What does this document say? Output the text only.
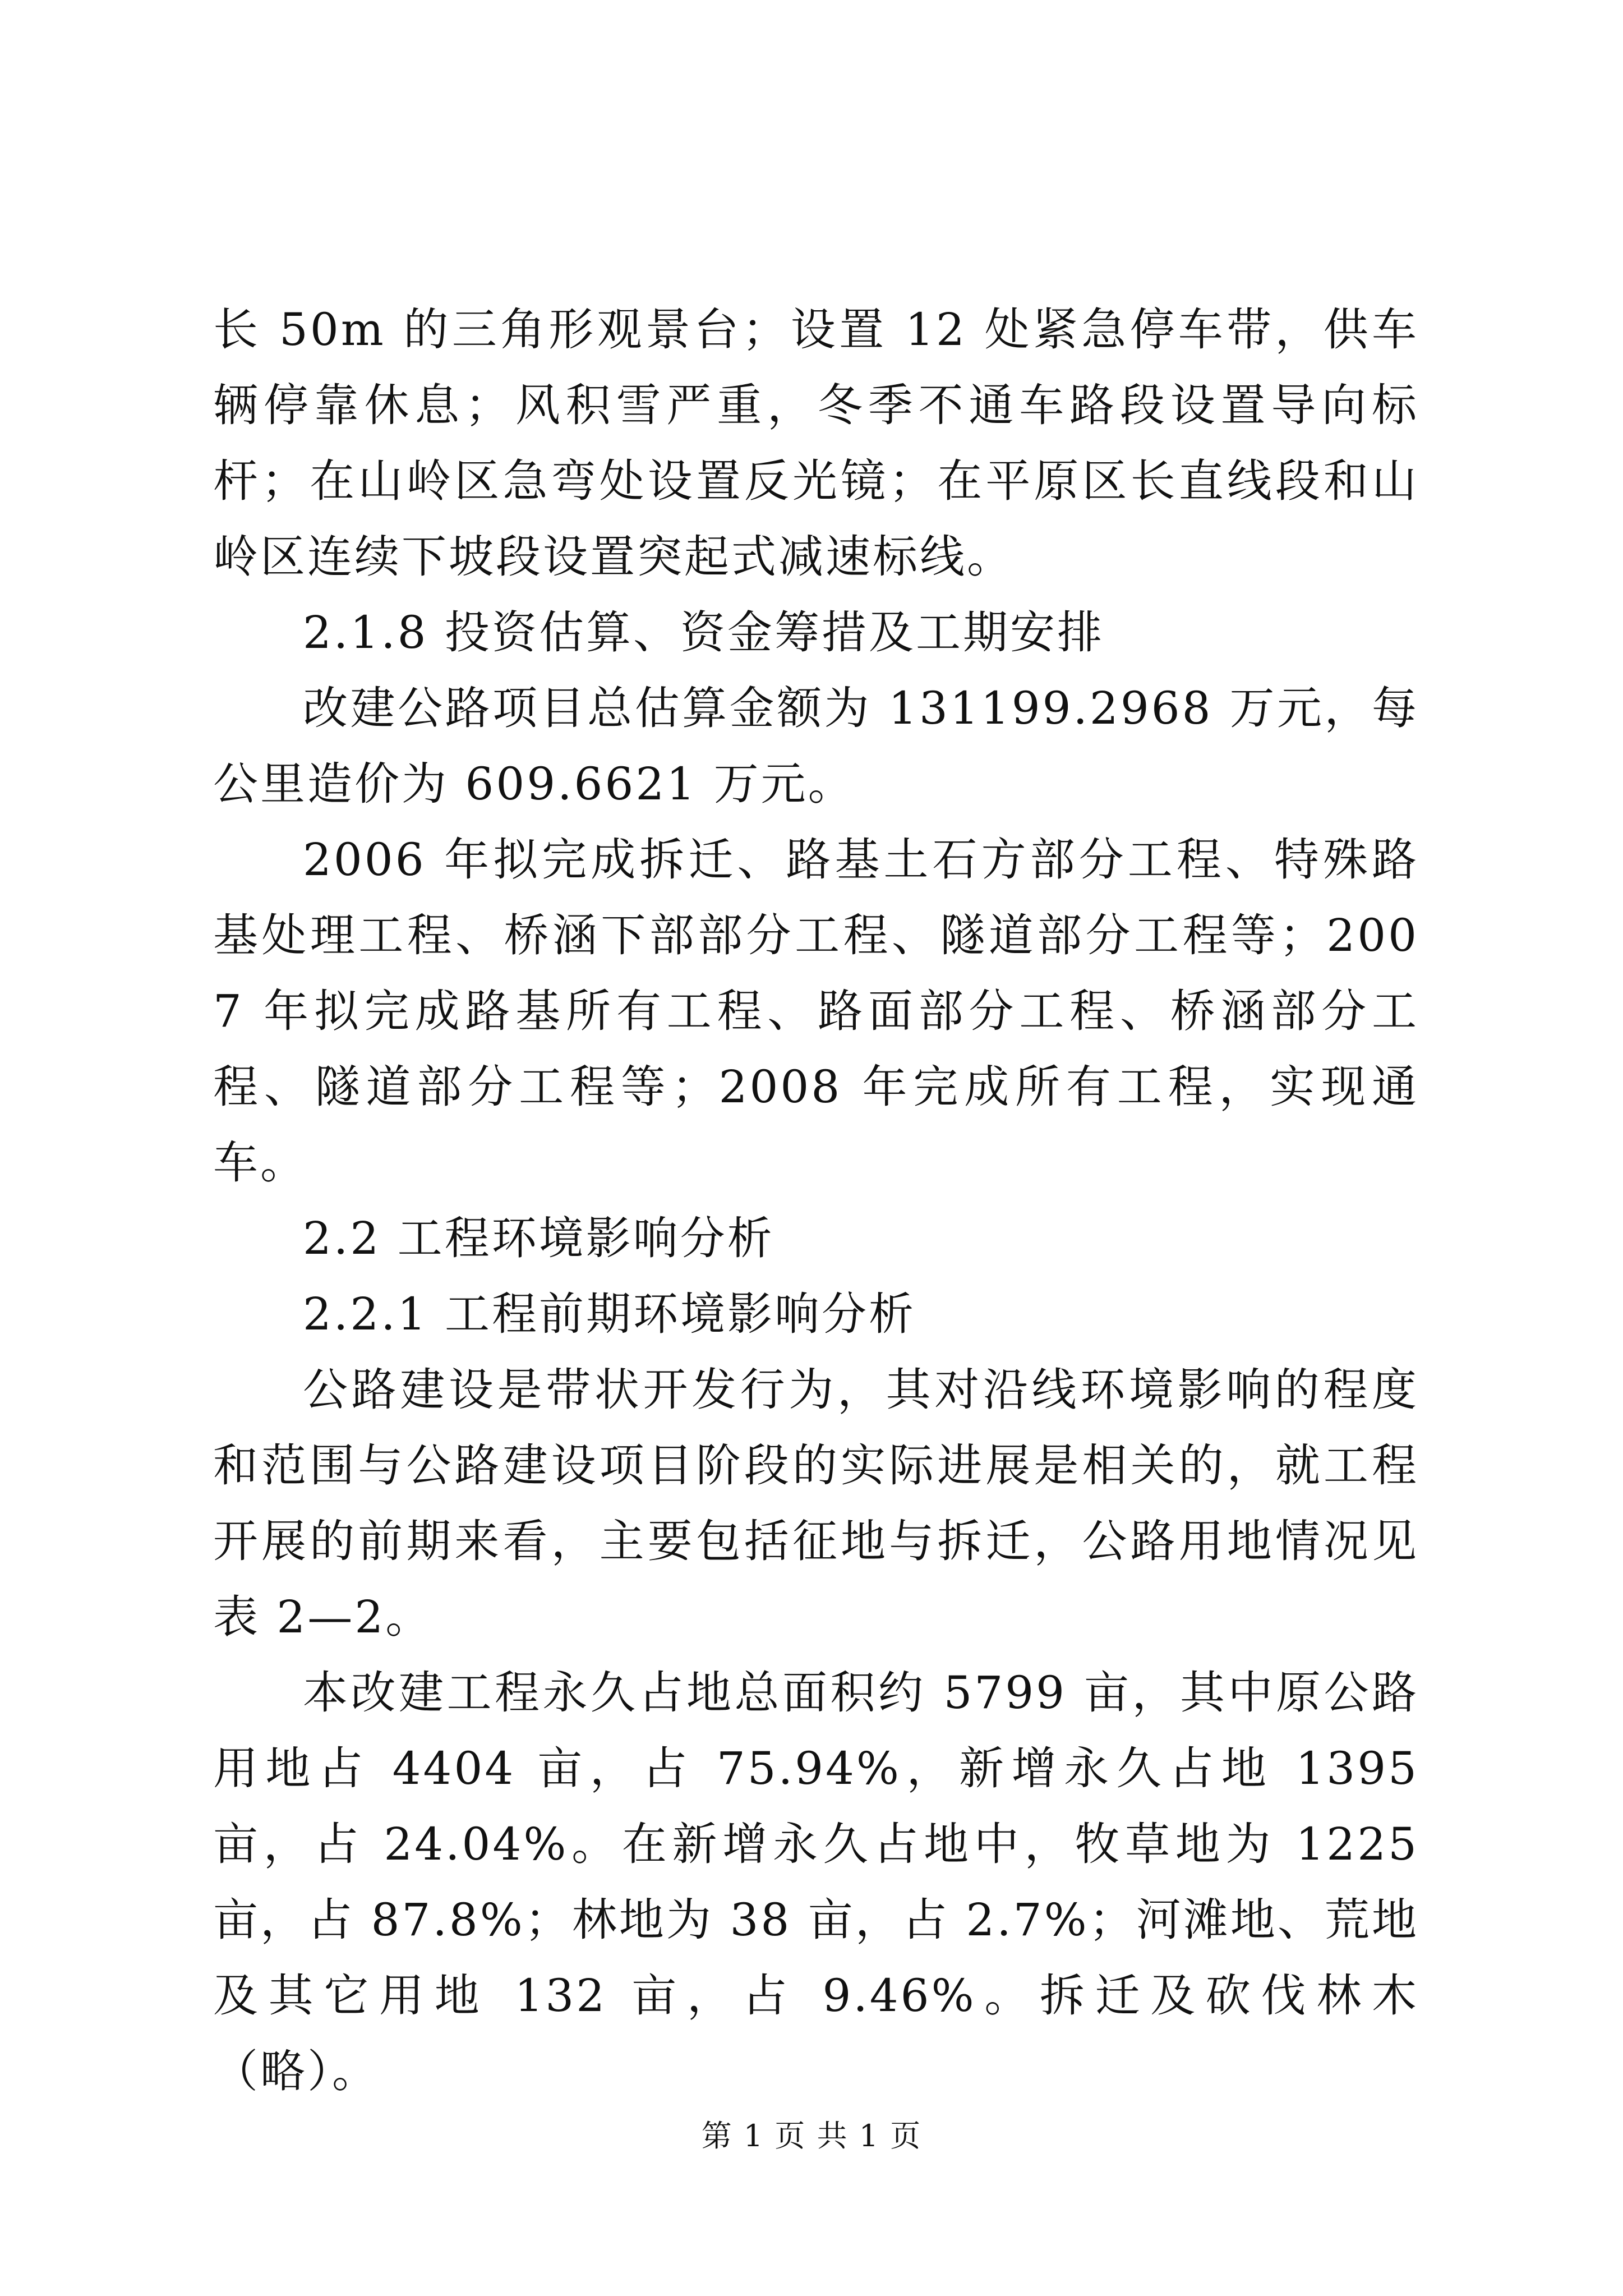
长 50m 的三角形观景台；设置 12 处紧急停车带，供车辆停靠休息；风积雪严重，冬季不通车路段设置导向标杆；在山岭区急弯处设置反光镜；在平原区长直线段和山岭区连续下坡段设置突起式减速标线。

2.1.8 投资估算、资金筹措及工期安排

改建公路项目总估算金额为 131199.2968 万元，每公里造价为 609.6621 万元。

2006 年拟完成拆迁、路基土石方部分工程、特殊路基处理工程、桥涵下部部分工程、隧道部分工程等；2007 年拟完成路基所有工程、路面部分工程、桥涵部分工程、隧道部分工程等；2008 年完成所有工程，实现通车。

2.2 工程环境影响分析

2.2.1 工程前期环境影响分析

公路建设是带状开发行为，其对沿线环境影响的程度和范围与公路建设项目阶段的实际进展是相关的，就工程开展的前期来看，主要包括征地与拆迁，公路用地情况见表 2—2。

本改建工程永久占地总面积约 5799 亩，其中原公路用地占 4404 亩，占 75.94%，新增永久占地 1395 亩，占 24.04%。在新增永久占地中，牧草地为 1225 亩，占 87.8%；林地为 38 亩，占 2.7%；河滩地、荒地及其它用地 132 亩，占 9.46%。拆迁及砍伐林木（略）。

第 1 页 共 1 页
